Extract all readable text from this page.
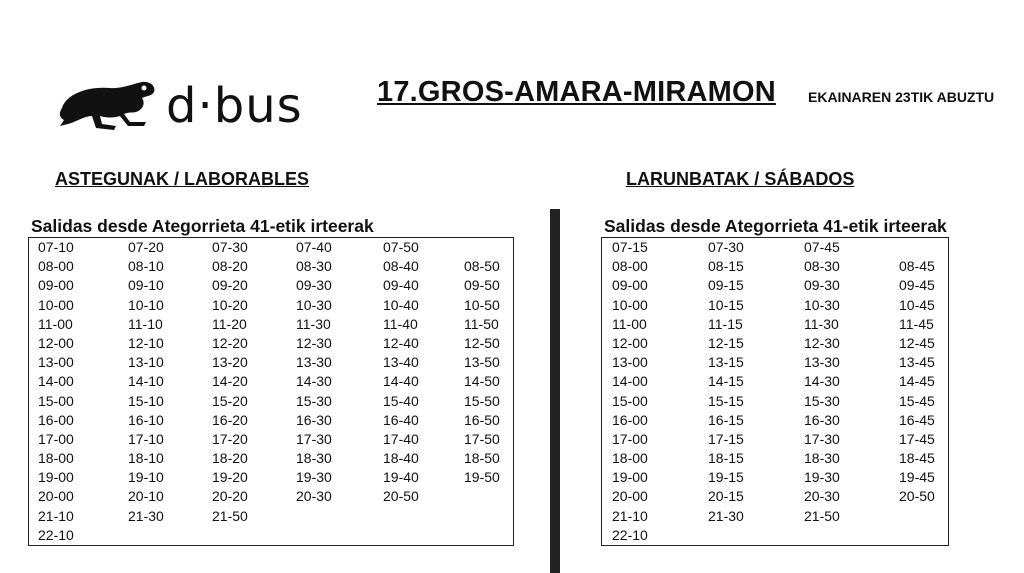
d·bus	17.GROS-AMARA-MIRAMON EKAINAREN 23TIK ABUZTU
ASTEGUNAK / LABORABLES
Salidas desde Ategorrieta 41-etik irteerak
07-10	07-20	07-30	07-40	07-50
08-00	08-10	08-20	08-30	08-40	08-50
09-00	09-10	09-20	09-30	09-40	09-50
10-00	10-10	10-20	10-30	10-40	10-50
11-00	11-10	11-20	11-30	11-40	11-50
12-00	12-10	12-20	12-30	12-40	12-50
13-00	13-10	13-20	13-30	13-40	13-50
14-00	14-10	14-20	14-30	14-40	14-50
15-00	15-10	15-20	15-30	15-40	15-50
16-00	16-10	16-20	16-30	16-40	16-50
17-00	17-10	17-20	17-30	17-40	17-50
18-00	18-10	18-20	18-30	18-40	18-50
19-00	19-10	19-20	19-30	19-40	19-50
20-00	20-10	20-20	20-30	20-50
21-10	21-30	21-50
22-10
LARUNBATAK / SÁBADOS
Salidas desde Ategorrieta 41-etik irteerak
07-15	07-30	07-45
08-00	08-15	08-30	08-45
09-00	09-15	09-30	09-45
10-00	10-15	10-30	10-45
11-00	11-15	11-30	11-45
12-00	12-15	12-30	12-45
13-00	13-15	13-30	13-45
14-00	14-15	14-30	14-45
15-00	15-15	15-30	15-45
16-00	16-15	16-30	16-45
17-00	17-15	17-30	17-45
18-00	18-15	18-30	18-45
19-00	19-15	19-30	19-45
20-00	20-15	20-30	20-50
21-10	21-30	21-50
22-10
